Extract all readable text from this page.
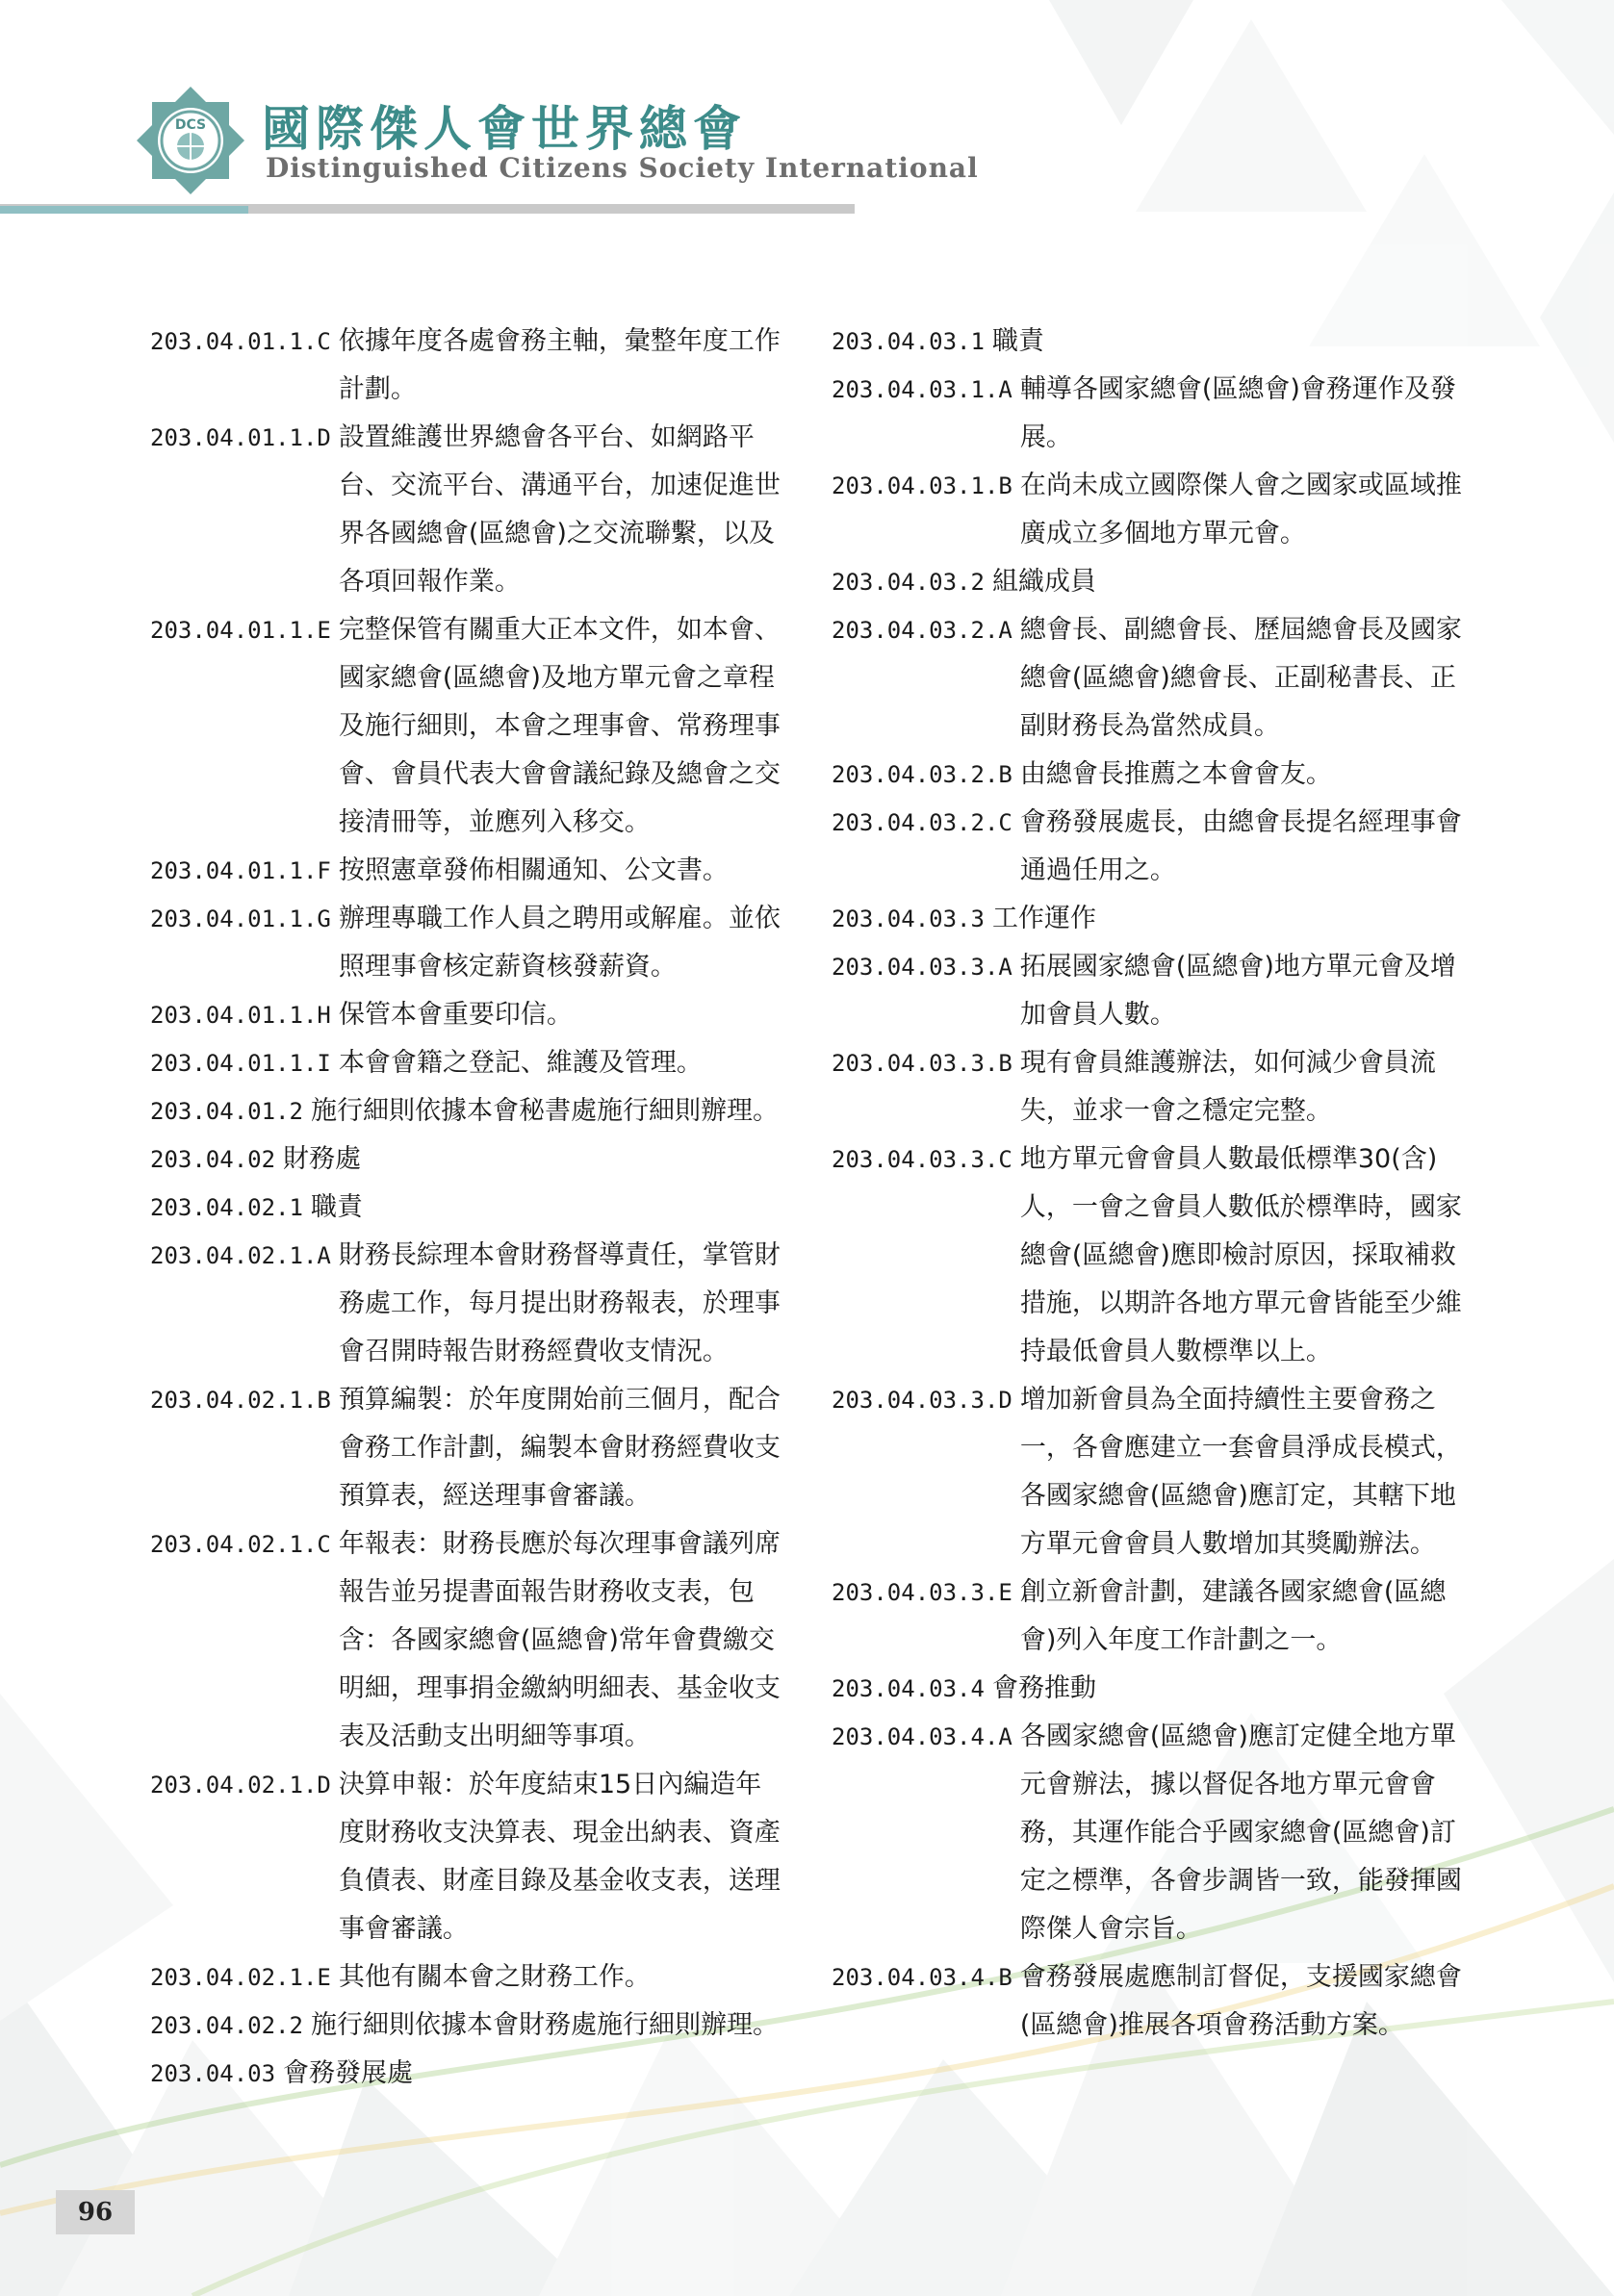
DCS 國際傑人會世界總會
Distinguished Citizens Society International
203.04.01.1.C 依據年度各處會務主軸，彙整年度工作計劃。
203.04.01.1.D 設置維護世界總會各平台、如網路平台、交流平台、溝通平台，加速促進世界各國總會(區總會)之交流聯繫，以及各項回報作業。
203.04.01.1.E 完整保管有關重大正本文件，如本會、國家總會(區總會)及地方單元會之章程及施行細則，本會之理事會、常務理事會、會員代表大會會議紀錄及總會之交接清冊等，並應列入移交。
203.04.01.1.F 按照憲章發佈相關通知、公文書。
203.04.01.1.G 辦理專職工作人員之聘用或解雇。並依照理事會核定薪資核發薪資。
203.04.01.1.H 保管本會重要印信。
203.04.01.1.I 本會會籍之登記、維護及管理。
203.04.01.2 施行細則依據本會秘書處施行細則辦理。
203.04.02 財務處
203.04.02.1 職責
203.04.02.1.A 財務長綜理本會財務督導責任，掌管財務處工作，每月提出財務報表，於理事會召開時報告財務經費收支情況。
203.04.02.1.B 預算編製：於年度開始前三個月，配合會務工作計劃，編製本會財務經費收支預算表，經送理事會審議。
203.04.02.1.C 年報表：財務長應於每次理事會議列席報告並另提書面報告財務收支表，包含：各國家總會(區總會)常年會費繳交明細，理事捐金繳納明細表、基金收支表及活動支出明細等事項。
203.04.02.1.D 決算申報：於年度結束15日內編造年度財務收支決算表、現金出納表、資產負債表、財產目錄及基金收支表，送理事會審議。
203.04.02.1.E 其他有關本會之財務工作。
203.04.02.2 施行細則依據本會財務處施行細則辦理。
203.04.03 會務發展處
203.04.03.1 職責
203.04.03.1.A 輔導各國家總會(區總會)會務運作及發展。
203.04.03.1.B 在尚未成立國際傑人會之國家或區域推廣成立多個地方單元會。
203.04.03.2 組織成員
203.04.03.2.A 總會長、副總會長、歷屆總會長及國家總會(區總會)總會長、正副秘書長、正副財務長為當然成員。
203.04.03.2.B 由總會長推薦之本會會友。
203.04.03.2.C 會務發展處長，由總會長提名經理事會通過任用之。
203.04.03.3 工作運作
203.04.03.3.A 拓展國家總會(區總會)地方單元會及增加會員人數。
203.04.03.3.B 現有會員維護辦法，如何減少會員流失，並求一會之穩定完整。
203.04.03.3.C 地方單元會會員人數最低標準30(含)人，一會之會員人數低於標準時，國家總會(區總會)應即檢討原因，採取補救措施，以期許各地方單元會皆能至少維持最低會員人數標準以上。
203.04.03.3.D 增加新會員為全面持續性主要會務之一，各會應建立一套會員淨成長模式，各國家總會(區總會)應訂定，其轄下地方單元會會員人數增加其獎勵辦法。
203.04.03.3.E 創立新會計劃，建議各國家總會(區總會)列入年度工作計劃之一。
203.04.03.4 會務推動
203.04.03.4.A 各國家總會(區總會)應訂定健全地方單元會辦法，據以督促各地方單元會會務，其運作能合乎國家總會(區總會)訂定之標準，各會步調皆一致，能發揮國際傑人會宗旨。
203.04.03.4.B 會務發展處應制訂督促，支援國家總會(區總會)推展各項會務活動方案。
96
